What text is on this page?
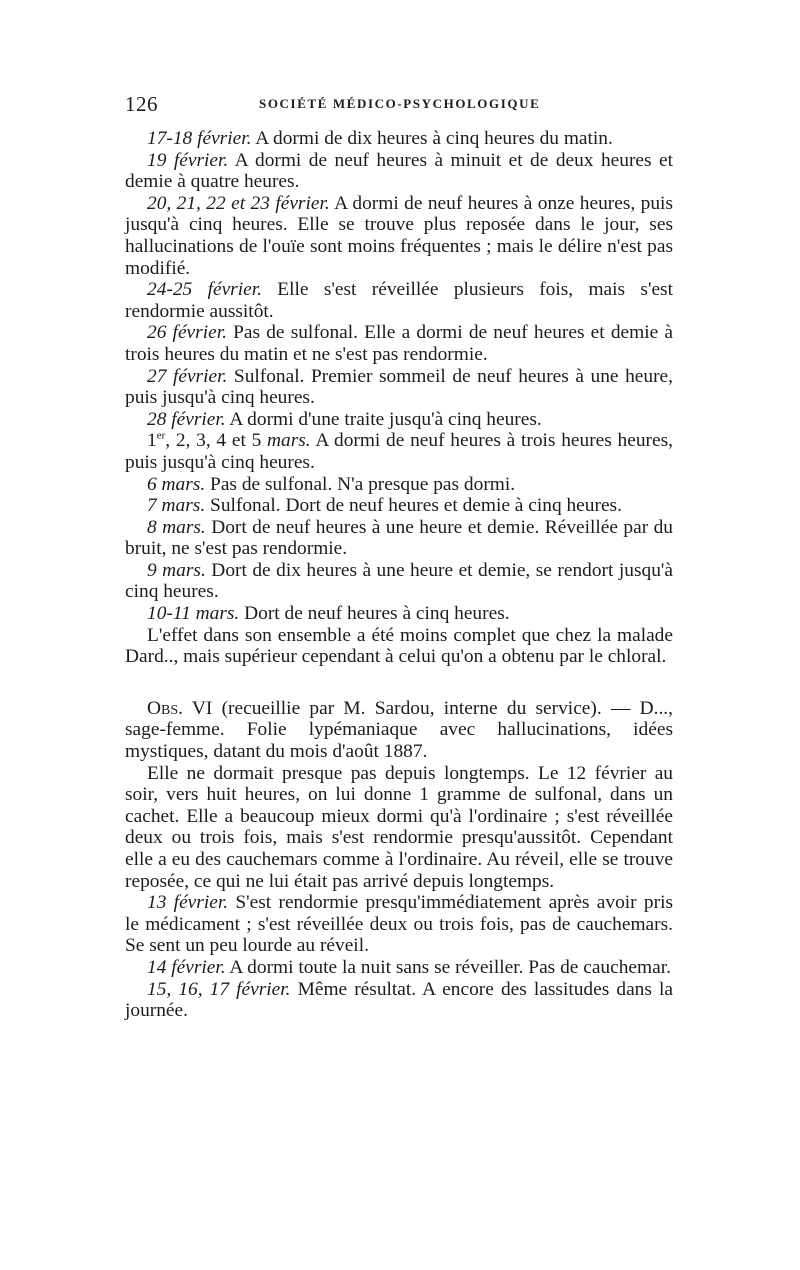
126	SOCIÉTÉ MÉDICO-PSYCHOLOGIQUE

17-18 février. A dormi de dix heures à cinq heures du matin.

19 février. A dormi de neuf heures à minuit et de deux heures et demie à quatre heures.

20, 21, 22 et 23 février. A dormi de neuf heures à onze heures, puis jusqu'à cinq heures. Elle se trouve plus reposée dans le jour, ses hallucinations de l'ouïe sont moins fréquentes ; mais le délire n'est pas modifié.

24-25 février. Elle s'est réveillée plusieurs fois, mais s'est rendormie aussitôt.

26 février. Pas de sulfonal. Elle a dormi de neuf heures et demie à trois heures du matin et ne s'est pas rendormie.

27 février. Sulfonal. Premier sommeil de neuf heures à une heure, puis jusqu'à cinq heures.

28 février. A dormi d'une traite jusqu'à cinq heures.

1er, 2, 3, 4 et 5 mars. A dormi de neuf heures à trois heures heures, puis jusqu'à cinq heures.

6 mars. Pas de sulfonal. N'a presque pas dormi.

7 mars. Sulfonal. Dort de neuf heures et demie à cinq heures.

8 mars. Dort de neuf heures à une heure et demie. Réveillée par du bruit, ne s'est pas rendormie.

9 mars. Dort de dix heures à une heure et demie, se rendort jusqu'à cinq heures.

10-11 mars. Dort de neuf heures à cinq heures.

L'effet dans son ensemble a été moins complet que chez la malade Dard.., mais supérieur cependant à celui qu'on a obtenu par le chloral.

Obs. VI (recueillie par M. Sardou, interne du service). — D..., sage-femme. Folie lypémaniaque avec hallucinations, idées mystiques, datant du mois d'août 1887.

Elle ne dormait presque pas depuis longtemps. Le 12 février au soir, vers huit heures, on lui donne 1 gramme de sulfonal, dans un cachet. Elle a beaucoup mieux dormi qu'à l'ordinaire ; s'est réveillée deux ou trois fois, mais s'est rendormie presqu'aussitôt. Cependant elle a eu des cauchemars comme à l'ordinaire. Au réveil, elle se trouve reposée, ce qui ne lui était pas arrivé depuis longtemps.

13 février. S'est rendormie presqu'immédiatement après avoir pris le médicament ; s'est réveillée deux ou trois fois, pas de cauchemars. Se sent un peu lourde au réveil.

14 février. A dormi toute la nuit sans se réveiller. Pas de cauchemar.

15, 16, 17 février. Même résultat. A encore des lassitudes dans la journée.
